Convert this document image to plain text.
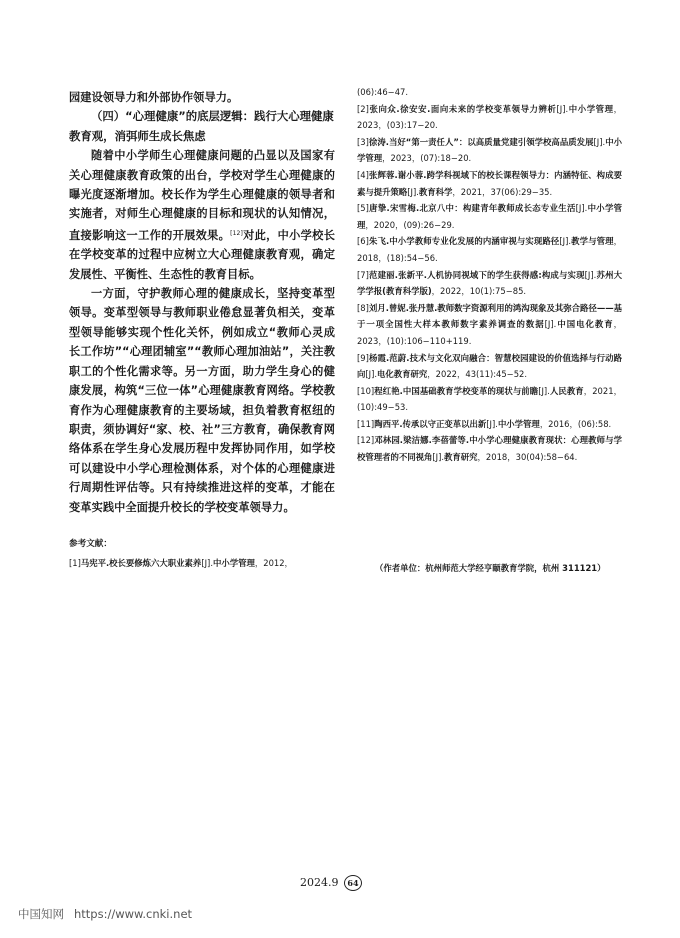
园建设领导力和外部协作领导力。

（四）“心理健康”的底层逻辑：践行大心理健康教育观，消弭师生成长焦虑

随着中小学师生心理健康问题的凸显以及国家有关心理健康教育政策的出台，学校对学生心理健康的曝光度逐渐增加。校长作为学生心理健康的领导者和实施者，对师生心理健康的目标和现状的认知情况，直接影响这一工作的开展效果。[12]对此，中小学校长在学校变革的过程中应树立大心理健康教育观，确定发展性、平衡性、生态性的教育目标。

一方面，守护教师心理的健康成长，坚持变革型领导。变革型领导与教师职业倦怠显著负相关，变革型领导能够实现个性化关怀，例如成立“教师心灵成长工作坊”“心理团辅室”“教师心理加油站”，关注教职工的个性化需求等。另一方面，助力学生身心的健康发展，构筑“三位一体”心理健康教育网络。学校教育作为心理健康教育的主要场域，担负着教育枢纽的职责，须协调好“家、校、社”三方教育，确保教育网络体系在学生身心发展历程中发挥协同作用，如学校可以建设中小学心理检测体系，对个体的心理健康进行周期性评估等。只有持续推进这样的变革，才能在变革实践中全面提升校长的学校变革领导力。

参考文献：

[1]马宪平.校长要修炼六大职业素养[J].中小学管理，2012，

(06):46−47.

[2]张向众.徐安安.面向未来的学校变革领导力辨析[J].中小学管理，2023，(03):17−20.

[3]徐涛.当好“第一责任人”：以高质量党建引领学校高品质发展[J].中小学管理，2023，(07):18−20.

[4]张辉蓉.谢小蓉.跨学科视域下的校长课程领导力：内涵特征、构成要素与提升策略[J].教育科学，2021，37(06):29−35.

[5]唐挚.宋雪梅.北京八中：构建青年教师成长态专业生活[J].中小学管理，2020，(09):26−29.

[6]朱飞.中小学教师专业化发展的内涵审视与实现路径[J].教学与管理，2018，(18):54−56.

[7]范建丽.张新平.人机协同视域下的学生获得感:构成与实现[J].苏州大学学报(教育科学版)，2022，10(1):75−85.

[8]刘月.曾妮.张丹慧.教师数字资源利用的鸿沟现象及其弥合路径——基于一项全国性大样本教师数字素养调查的数据[J].中国电化教育，2023，(10):106−110+119.

[9]杨霞.范蔚.技术与文化双向融合：智慧校园建设的价值选择与行动路向[J].电化教育研究，2022，43(11):45−52.

[10]程红艳.中国基础教育学校变革的现状与前瞻[J].人民教育，2021，(10):49−53.

[11]陶西平.传承以守正变革以出新[J].中小学管理，2016，(06):58.

[12]邓林园.梁洁娜.李蓓蕾等.中小学心理健康教育现状：心理教师与学校管理者的不同视角[J].教育研究，2018，30(04):58−64.

（作者单位：杭州师范大学经亨颐教育学院，杭州 311121）
2024.9 64
中国知网 https://www.cnki.net
